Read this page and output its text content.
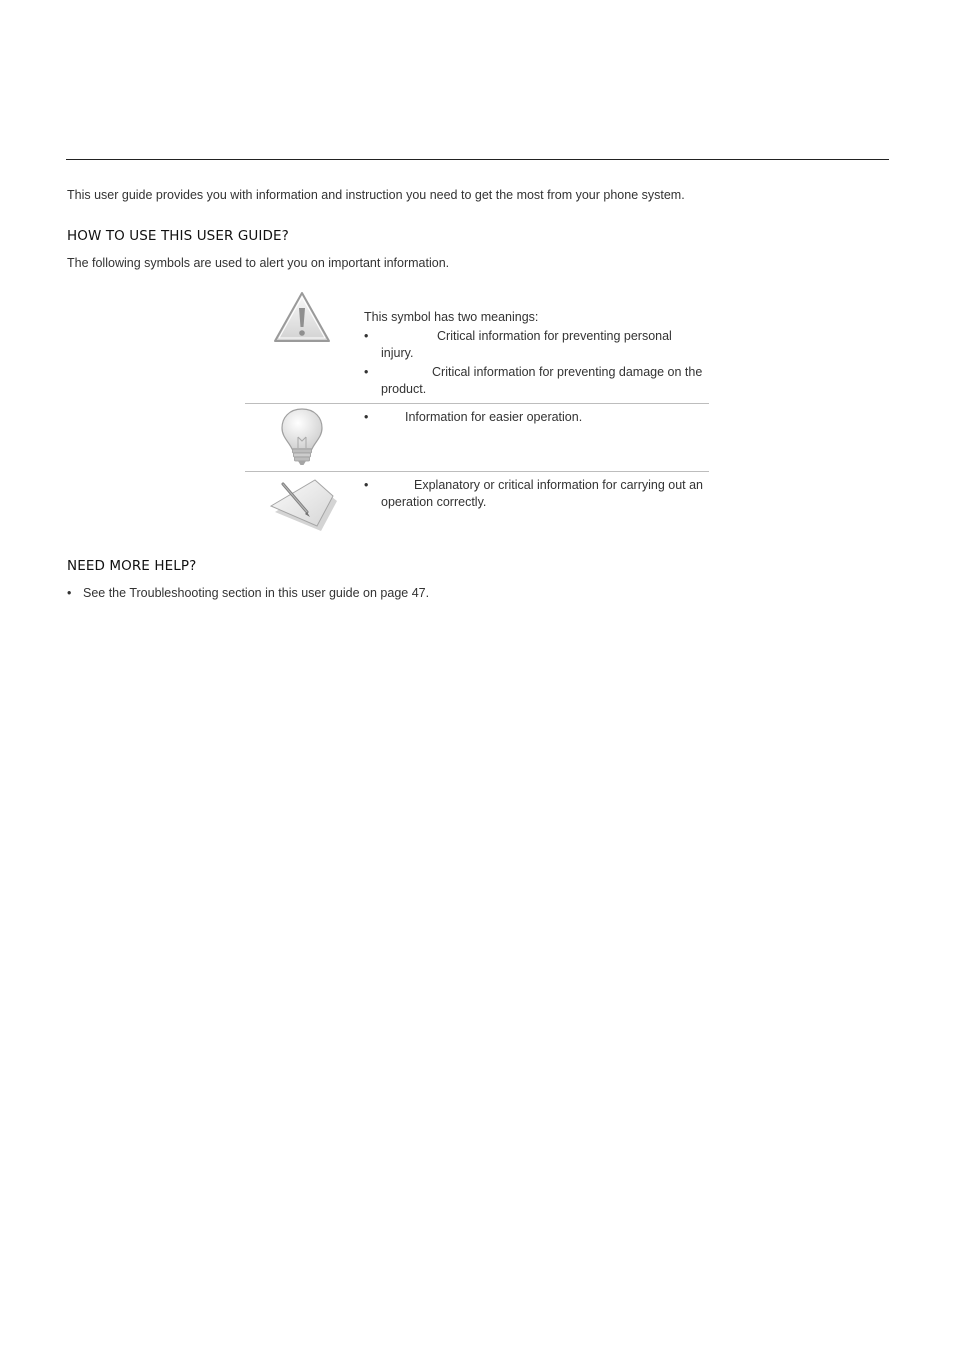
This user guide provides you with information and instruction you need to get the most from your phone system.
HOW TO USE THIS USER GUIDE?
The following symbols are used to alert you on important information.
This symbol has two meanings:
•	Critical information for preventing personal injury.
•	Critical information for preventing damage on the product.
•	Information for easier operation.
•	Explanatory or critical information for carrying out an operation correctly.
NEED MORE HELP?
• See the Troubleshooting section in this user guide on page 47.
